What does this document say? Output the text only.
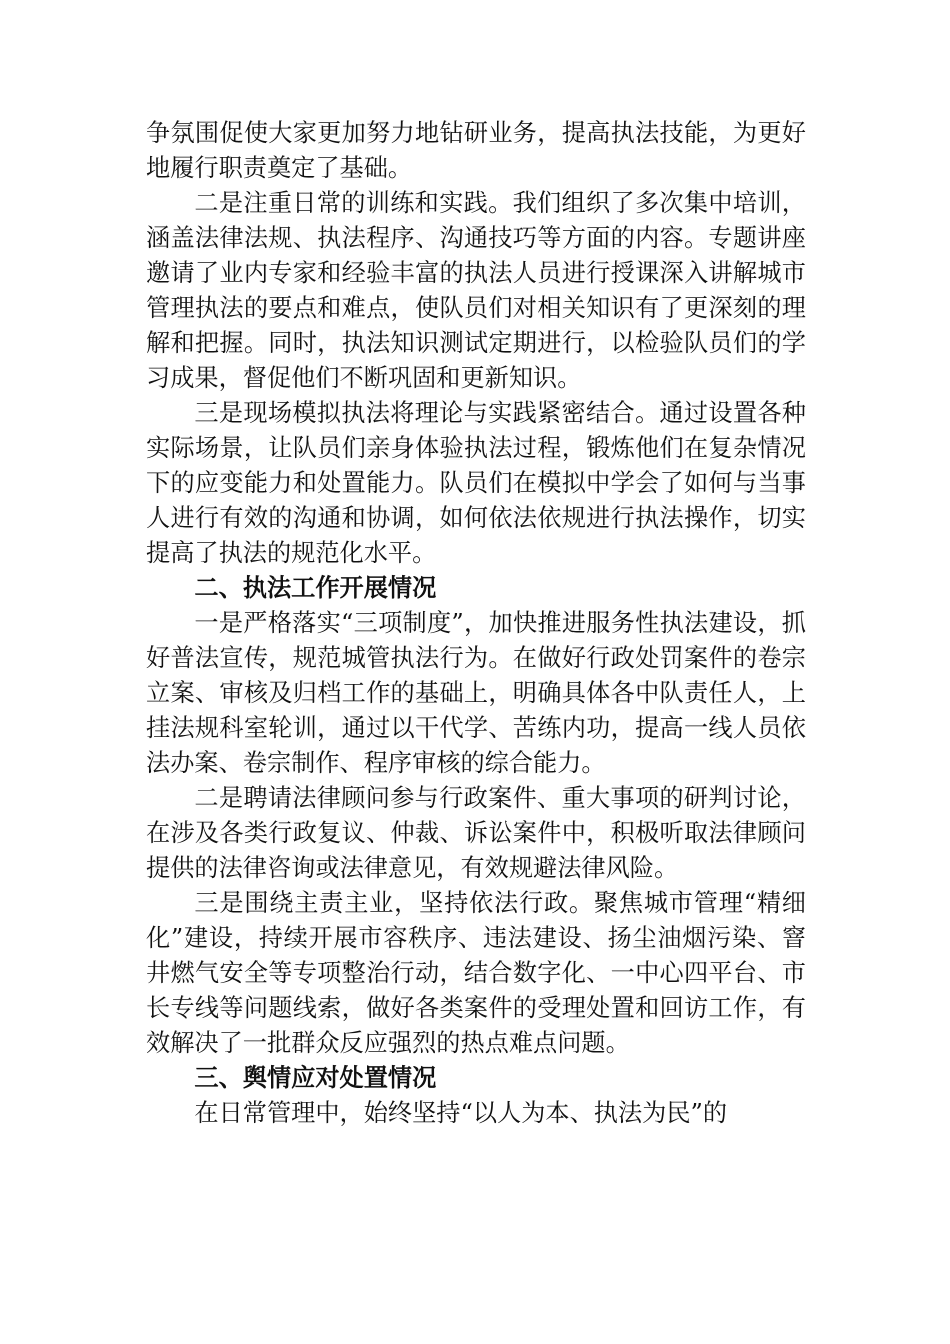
争氛围促使大家更加努力地钻研业务，提高执法技能，为更好地履行职责奠定了基础。

二是注重日常的训练和实践。我们组织了多次集中培训，涵盖法律法规、执法程序、沟通技巧等方面的内容。专题讲座邀请了业内专家和经验丰富的执法人员进行授课深入讲解城市管理执法的要点和难点，使队员们对相关知识有了更深刻的理解和把握。同时，执法知识测试定期进行，以检验队员们的学习成果，督促他们不断巩固和更新知识。

三是现场模拟执法将理论与实践紧密结合。通过设置各种实际场景，让队员们亲身体验执法过程，锻炼他们在复杂情况下的应变能力和处置能力。队员们在模拟中学会了如何与当事人进行有效的沟通和协调，如何依法依规进行执法操作，切实提高了执法的规范化水平。

二、执法工作开展情况

一是严格落实“三项制度”，加快推进服务性执法建设，抓好普法宣传，规范城管执法行为。在做好行政处罚案件的卷宗立案、审核及归档工作的基础上，明确具体各中队责任人，上挂法规科室轮训，通过以干代学、苦练内功，提高一线人员依法办案、卷宗制作、程序审核的综合能力。

二是聘请法律顾问参与行政案件、重大事项的研判讨论，在涉及各类行政复议、仲裁、诉讼案件中，积极听取法律顾问提供的法律咨询或法律意见，有效规避法律风险。

三是围绕主责主业，坚持依法行政。聚焦城市管理“精细化”建设，持续开展市容秩序、违法建设、扬尘油烟污染、窨井燃气安全等专项整治行动，结合数字化、一中心四平台、市长专线等问题线索，做好各类案件的受理处置和回访工作，有效解决了一批群众反应强烈的热点难点问题。

三、舆情应对处置情况

在日常管理中，始终坚持“以人为本、执法为民”的
